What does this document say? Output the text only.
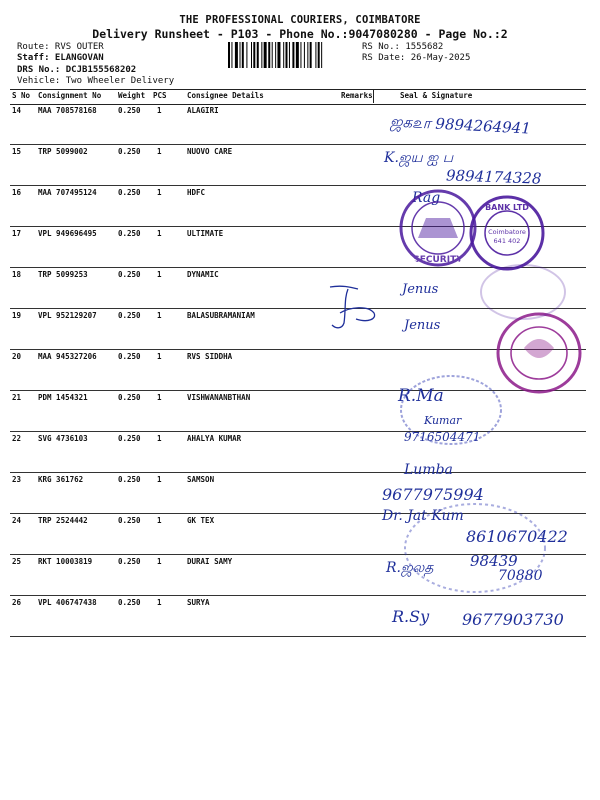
THE PROFESSIONAL COURIERS, COIMBATORE
Delivery Runsheet - P103 - Phone No.:9047080280 - Page No.:2
Route: RVS OUTER
Staff: ELANGOVAN
DRS No.: DCJB155568202
Vehicle: Two Wheeler Delivery
RS No.: 1555682
RS Date: 26-May-2025
S No Consignment No Weight PCS	Consignee Details	Remarks	Seal & Signature
14 MAA 708578168	0.250 1	ALAGIRI
15 TRP 5099002	0.250 1	NUOVO CARE
16 MAA 707495124	0.250 1	HDFC
17 VPL 949696495	0.250 1	ULTIMATE
18 TRP 5099253	0.250 1	DYNAMIC
19 VPL 952129207	0.250 1	BALASUBRAMANIAM
20 MAA 945327206	0.250 1	RVS SIDDHA
21 PDM 1454321	0.250 1	VISHWANANBTHAN
22 SVG 4736103	0.250 1	AHALYA KUMAR
23 KRG 361762	0.250 1	SAMSON
24 TRP 2524442	0.250 1	GK TEX
25 RKT 10003819	0.250 1	DURAI SAMY
26 VPL 406747438	0.250 1	SURYA
ஜக௨ா 9894264941
K.ஜய ஐ ப
9894174328
Rag
Jenus
Jenus
R.Ma
Kumar
9716504471
Lumba
9677975994
Dr. Jat Kum
8610670422
R.ஜலத 98439
70880
R.Sy 9677903730
SECURITY
BANK LTD
Coimbatore
641 402
